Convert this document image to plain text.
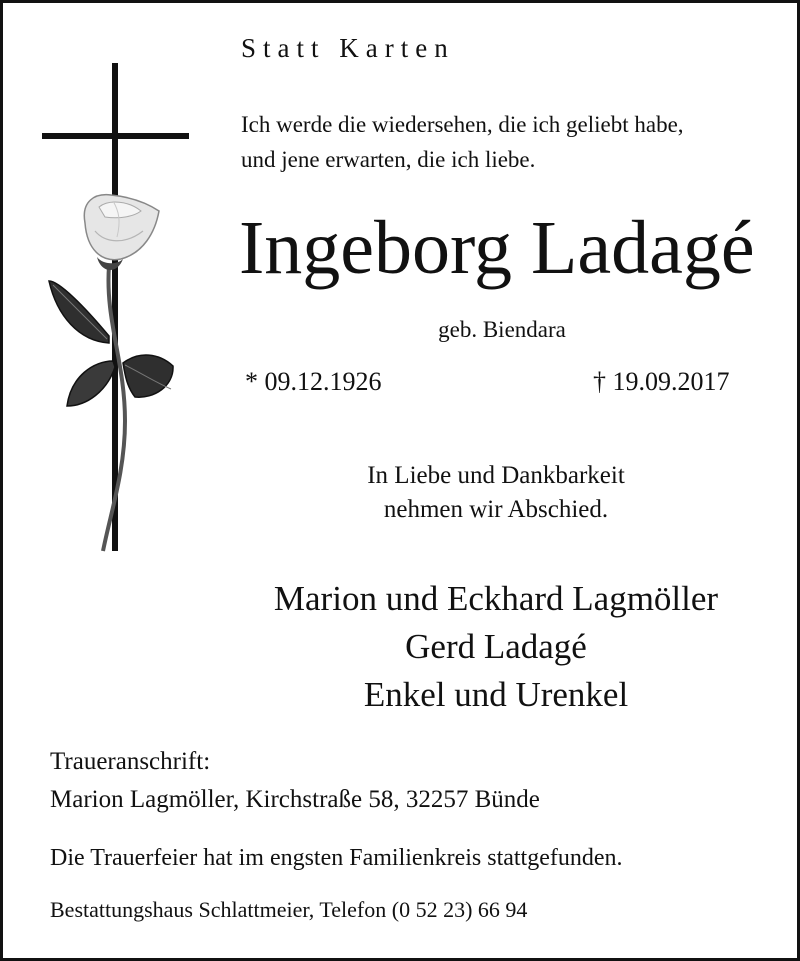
Statt Karten
Ich werde die wiedersehen, die ich geliebt habe,
und jene erwarten, die ich liebe.
Ingeborg Ladagé
geb. Biendara
* 09.12.1926	† 19.09.2017
In Liebe und Dankbarkeit
nehmen wir Abschied.
Marion und Eckhard Lagmöller
Gerd Ladagé
Enkel und Urenkel
Traueranschrift:
Marion Lagmöller, Kirchstraße 58, 32257 Bünde
Die Trauerfeier hat im engsten Familienkreis stattgefunden.
Bestattungshaus Schlattmeier, Telefon (0 52 23) 66 94
